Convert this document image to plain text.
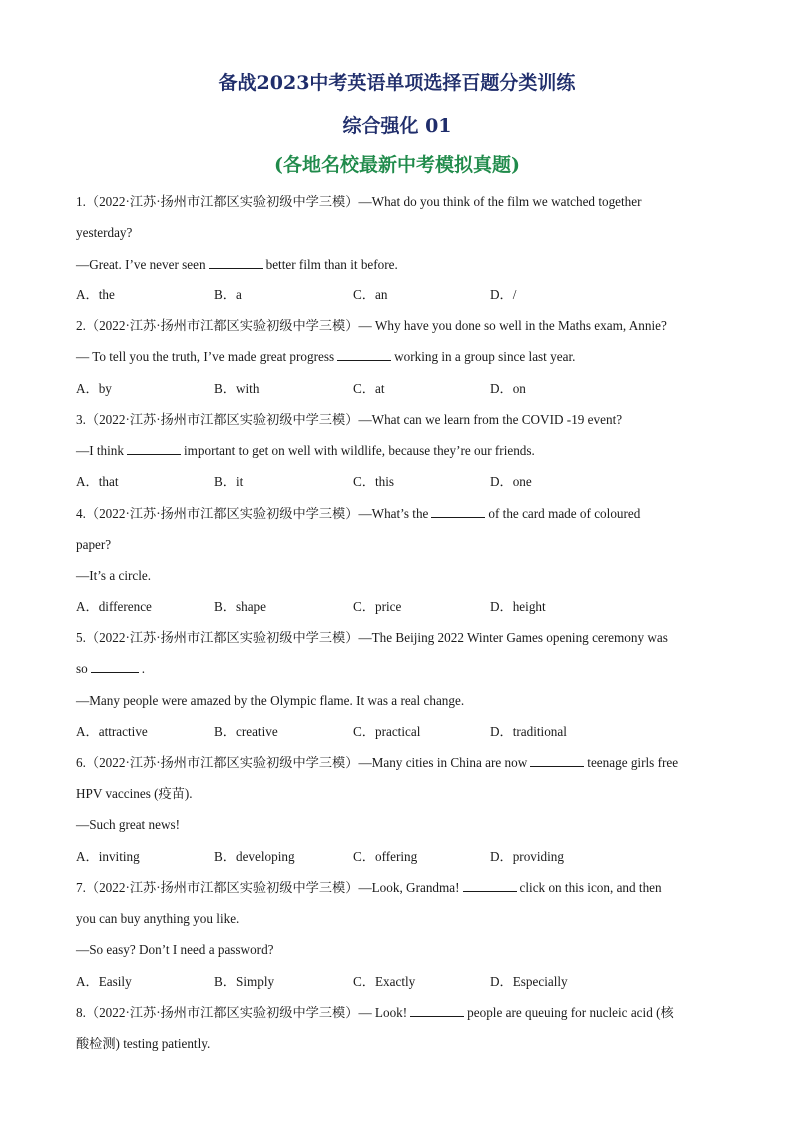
备战2023中考英语单项选择百题分类训练
综合强化 01
(各地名校最新中考模拟真题)
1.（2022·江苏·扬州市江都区实验初级中学三模）—What do you think of the film we watched together
yesterday?
—Great. I’ve never seen	better film than it before.
A．the	B．a	C．an	D．/
2.（2022·江苏·扬州市江都区实验初级中学三模）— Why have you done so well in the Maths exam, Annie?
— To tell you the truth, I’ve made great progress	working in a group since last year.
A．by	B．with	C．at	D．on
3.（2022·江苏·扬州市江都区实验初级中学三模）—What can we learn from the COVID -19 event?
—I think	important to get on well with wildlife, because they’re our friends.
A．that	B．it	C．this	D．one
4.（2022·江苏·扬州市江都区实验初级中学三模）—What’s the	of the card made of coloured
paper?
—It’s a circle.
A．difference	B．shape	C．price	D．height
5.（2022·江苏·扬州市江都区实验初级中学三模）—The Beijing 2022 Winter Games opening ceremony was
so	.
—Many people were amazed by the Olympic flame. It was a real change.
A．attractive	B．creative	C．practical	D．traditional
6.（2022·江苏·扬州市江都区实验初级中学三模）—Many cities in China are now	teenage girls free
HPV vaccines (疫苗).
—Such great news!
A．inviting	B．developing	C．offering	D．providing
7.（2022·江苏·扬州市江都区实验初级中学三模）—Look, Grandma!	click on this icon, and then
you can buy anything you like.
—So easy? Don’t I need a password?
A．Easily	B．Simply	C．Exactly	D．Especially
8.（2022·江苏·扬州市江都区实验初级中学三模）— Look!	people are queuing for nucleic acid (核
酸检测) testing patiently.
